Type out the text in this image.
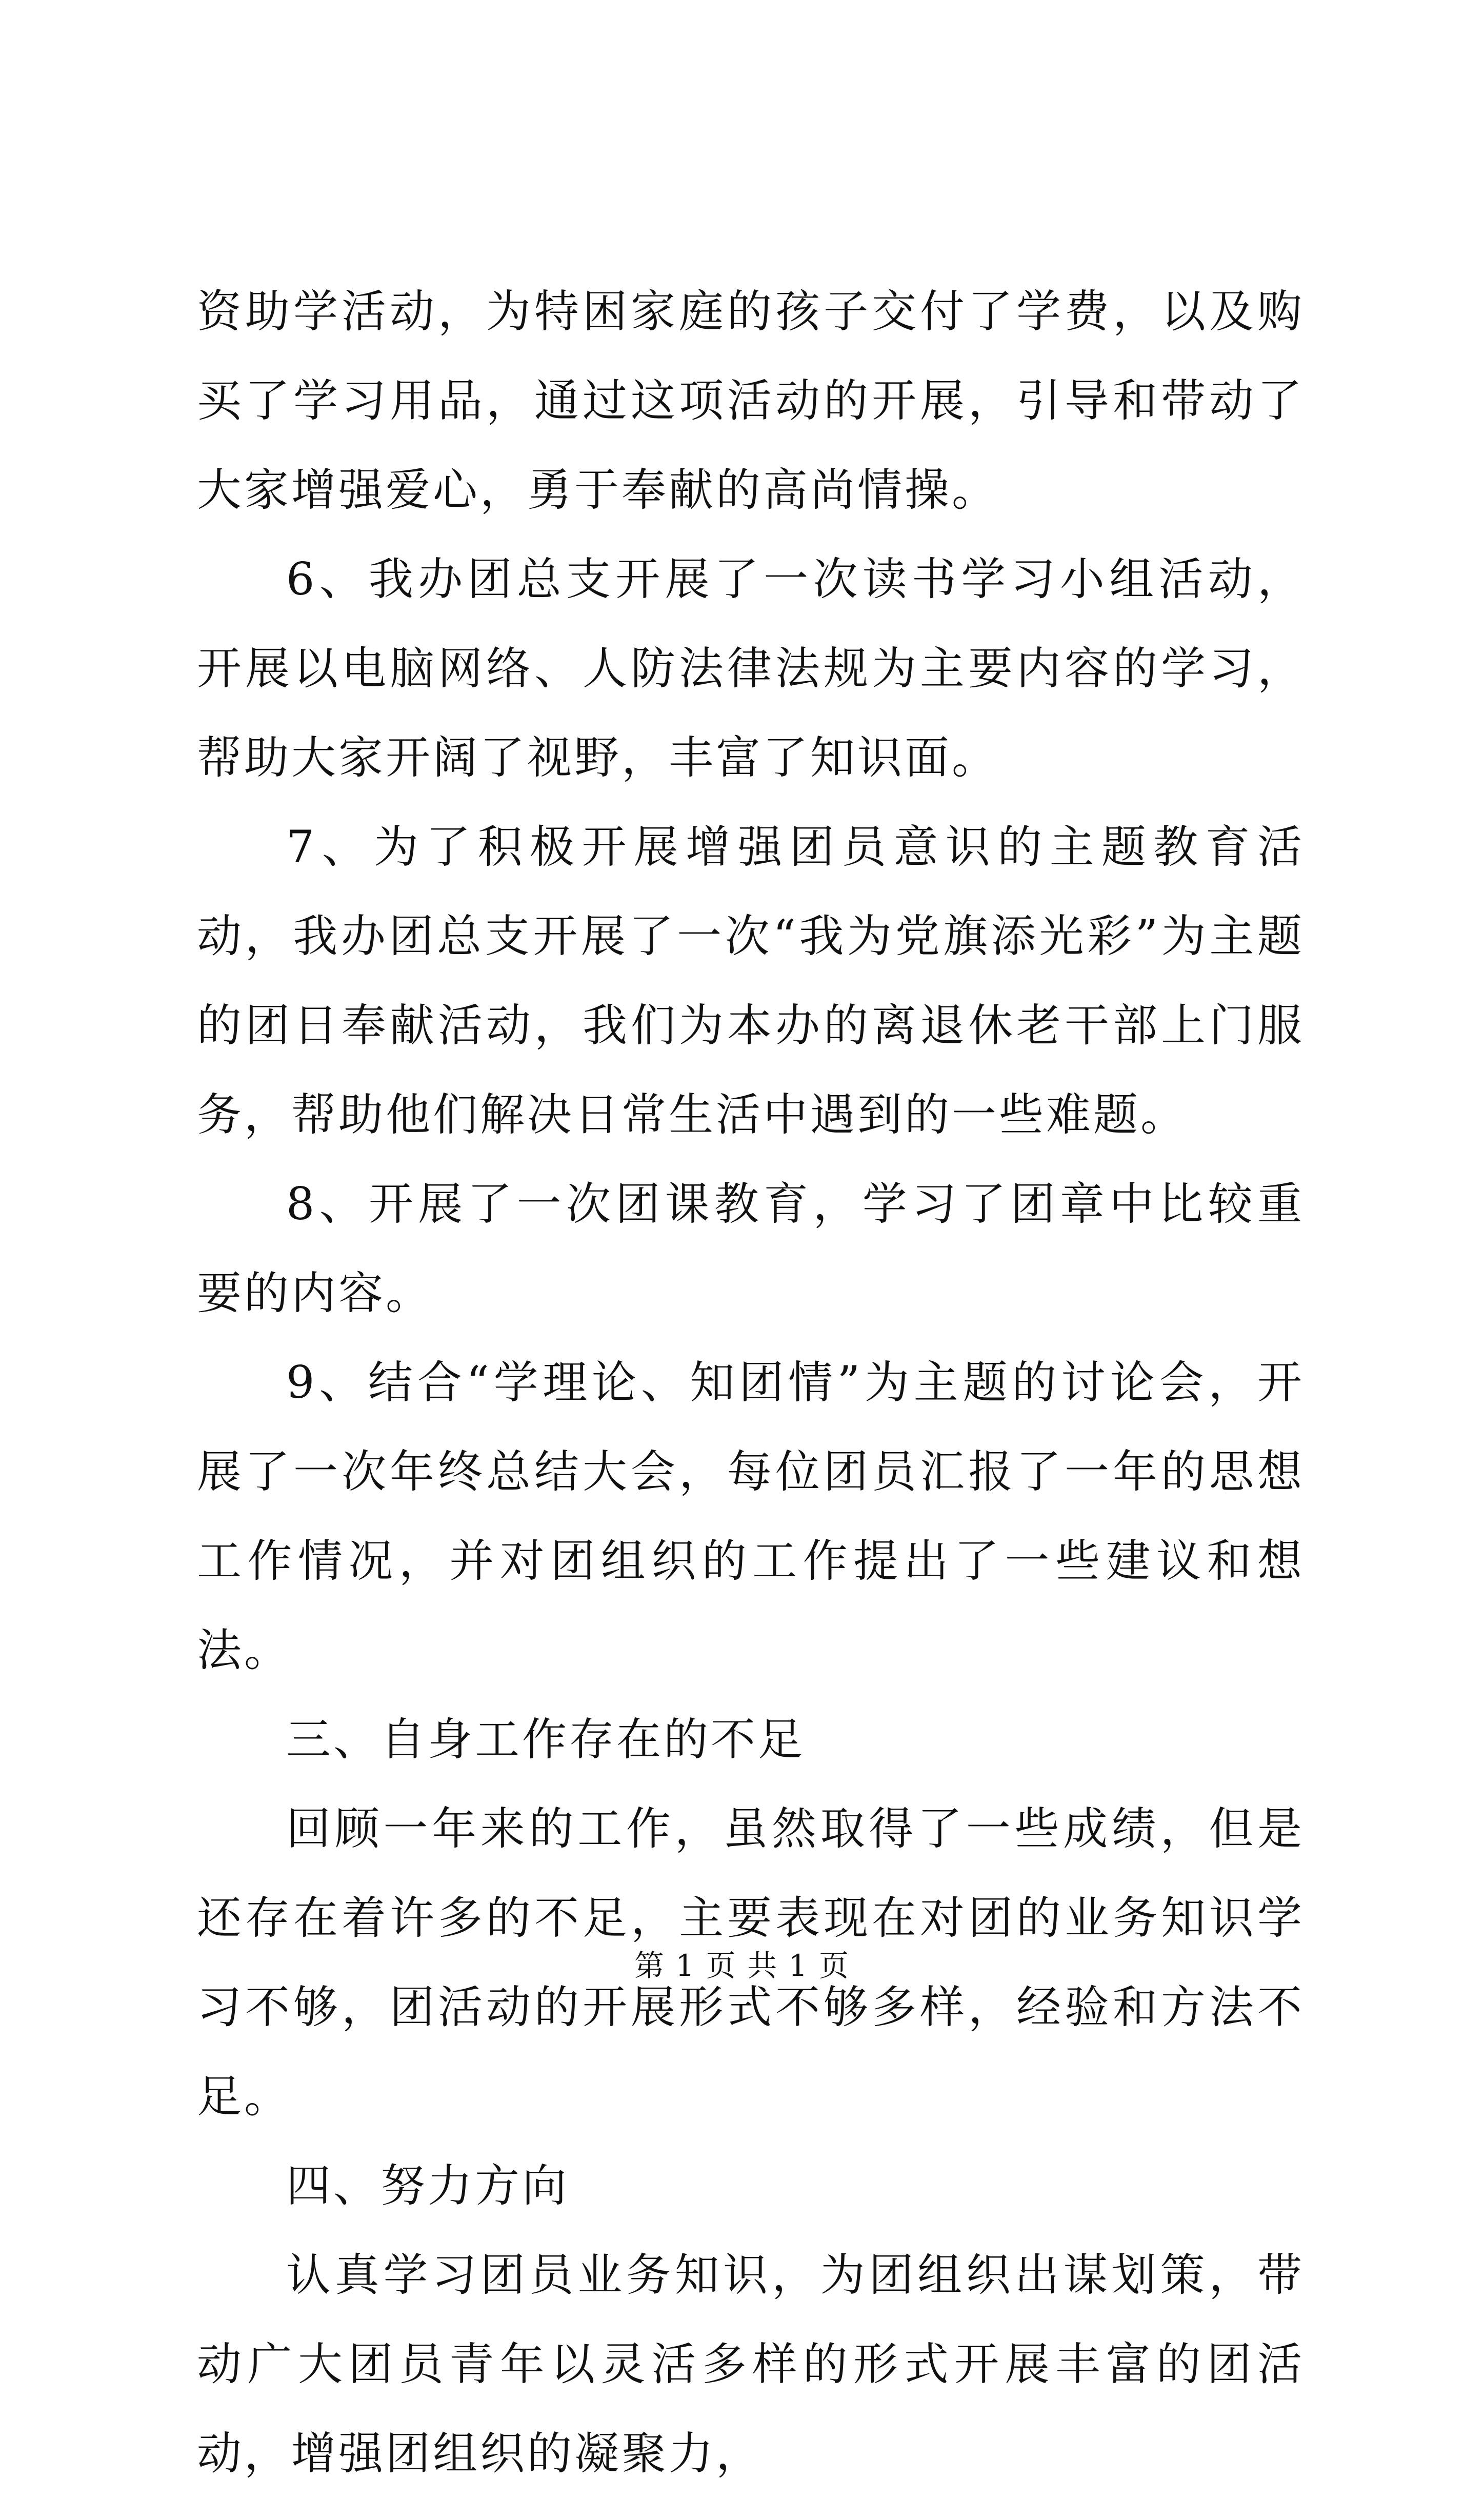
资助学活动，为特困家庭的孩子交付了学费，以及购买了学习用品，通过这项活动的开展，引导和带动了大家增强爱心，勇于奉献的高尚情操。

6、我办团总支开展了一次读书学习小组活动，开展以电脑网络、人防法律法规为主要内容的学习，帮助大家开阔了视野，丰富了知识面。

7、为了积极开展增强团员意识的主题教育活动，我办团总支开展了一次“我为党旗添光彩”为主题的团日奉献活动，我们为本办的离退休老干部上门服务，帮助他们解决日常生活中遇到的一些难题。

8、开展了一次团课教育，学习了团章中比较重要的内容。

9、结合“学理论、知团情”为主题的讨论会，开展了一次年终总结大会，每位团员汇报了一年的思想工作情况，并对团组织的工作提出了一些建议和想法。

三、自身工作存在的不足

回顾一年来的工作，虽然取得了一些成绩，但是还存在着许多的不足，主要表现在对团的业务知识学习不够，团活动的开展形式不够多样，经验和方法不足。

四、努力方向

认真学习团员业务知识，为团组织出谋划策，带动广大团员青年以灵活多样的形式开展丰富的团活动，增强团组织的凝聚力，

第 1 页 共 1 页
